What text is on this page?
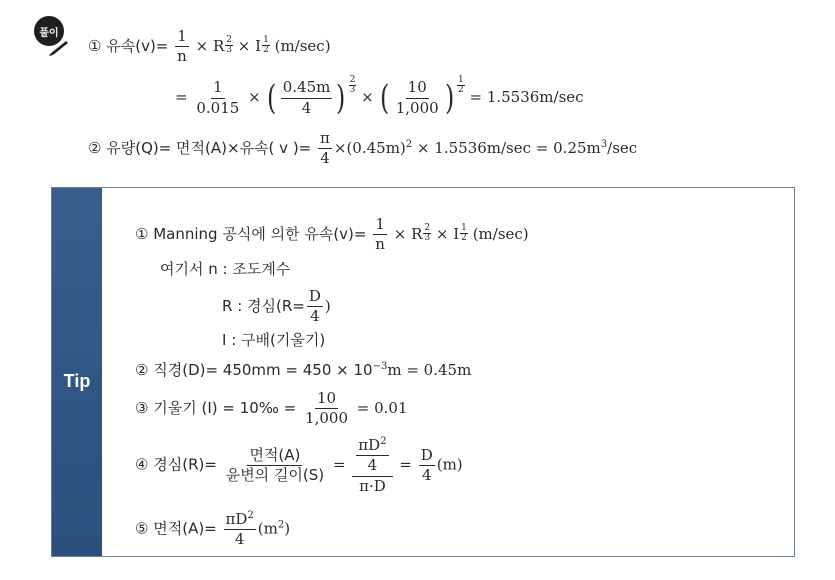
풀이
① 유속$(v)= \frac{1}{n} \times R \frac{2}{3} \times I \frac{1}{2} (m/\sec)$
= $\frac{1}{0.015}$ × ( $\frac{0.45m}{4}$ ) $\frac{2}{3}$
× ( $\frac{10}{1,000}$ ) $\frac{1}{2}$
= 1.5536m/sec
② 유량(Q)= 면적(A)×유속( v )= $\frac{\pi}{4} \times(0.45m)^2 \times 1.5536m/\sec = 0.25m^3/\sec$
Tip
① Manning 공식에 의한 유속$(v)= \frac{1}{n} \times R \frac{2}{3} \times I \frac{1}{2} (m/\sec)$
여기서 n : 조도계수
R : 경심($R= \frac{D}{4}$ )
I : 구배(기울기)
② 직경$(D)= 450mm = 450 \times 10^{-3}m = 0.45m$
③ 기울기 (I) = 10‰ = $\frac{10}{1,000} = 0.01$
④ 경심$(R)= \frac{\text{면적(A)}}{\text{윤변의 길이(S)}} = \frac{\frac{\pi D^2}{4}}{\pi\cdot D} = \frac{D}{4} (m)$
⑤ 면적$(A)= \frac{\pi D^2}{4} (m^2)$
